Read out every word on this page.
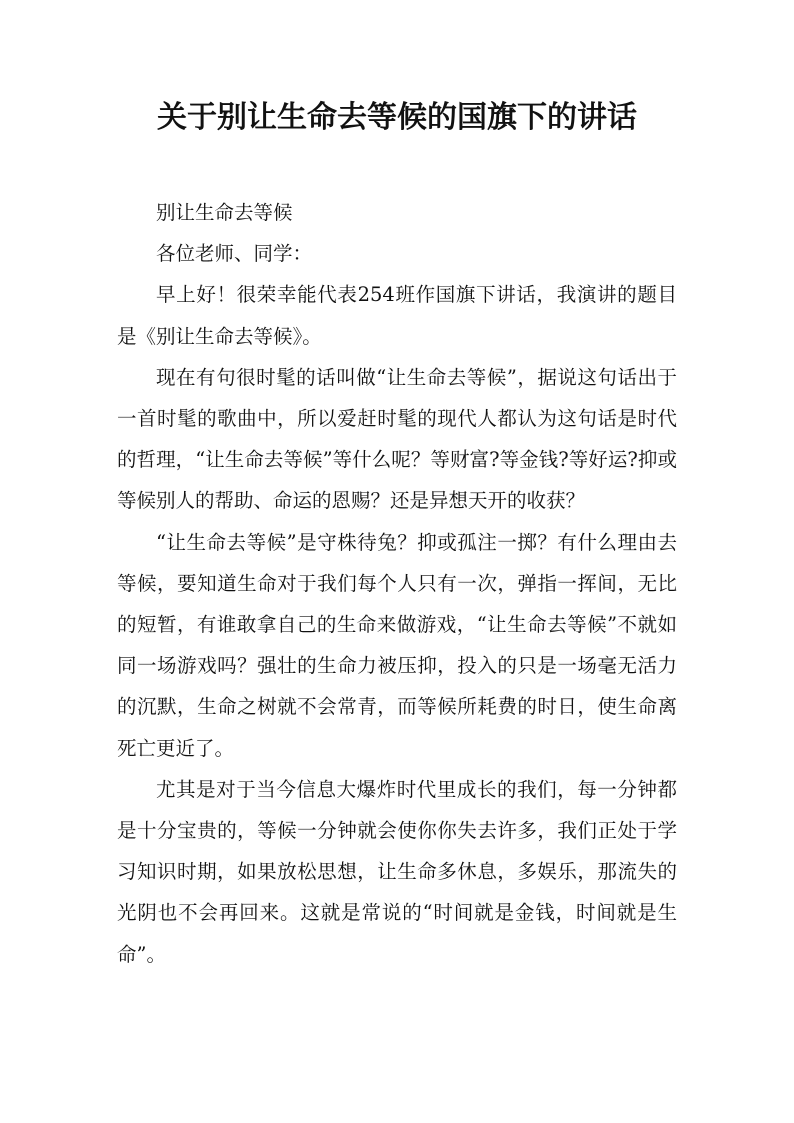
关于别让生命去等候的国旗下的讲话

别让生命去等候

各位老师、同学：

早上好！很荣幸能代表254班作国旗下讲话，我演讲的题目是《别让生命去等候》。

现在有句很时髦的话叫做“让生命去等候”，据说这句话出于一首时髦的歌曲中，所以爱赶时髦的现代人都认为这句话是时代的哲理，“让生命去等候”等什么呢？等财富?等金钱?等好运?抑或等候别人的帮助、命运的恩赐？还是异想天开的收获？

“让生命去等候”是守株待兔？抑或孤注一掷？有什么理由去等候，要知道生命对于我们每个人只有一次，弹指一挥间，无比的短暂，有谁敢拿自己的生命来做游戏，“让生命去等候”不就如同一场游戏吗？强壮的生命力被压抑，投入的只是一场毫无活力的沉默，生命之树就不会常青，而等候所耗费的时日，使生命离死亡更近了。

尤其是对于当今信息大爆炸时代里成长的我们，每一分钟都是十分宝贵的，等候一分钟就会使你你失去许多，我们正处于学习知识时期，如果放松思想，让生命多休息，多娱乐，那流失的光阴也不会再回来。这就是常说的“时间就是金钱，时间就是生命”。
